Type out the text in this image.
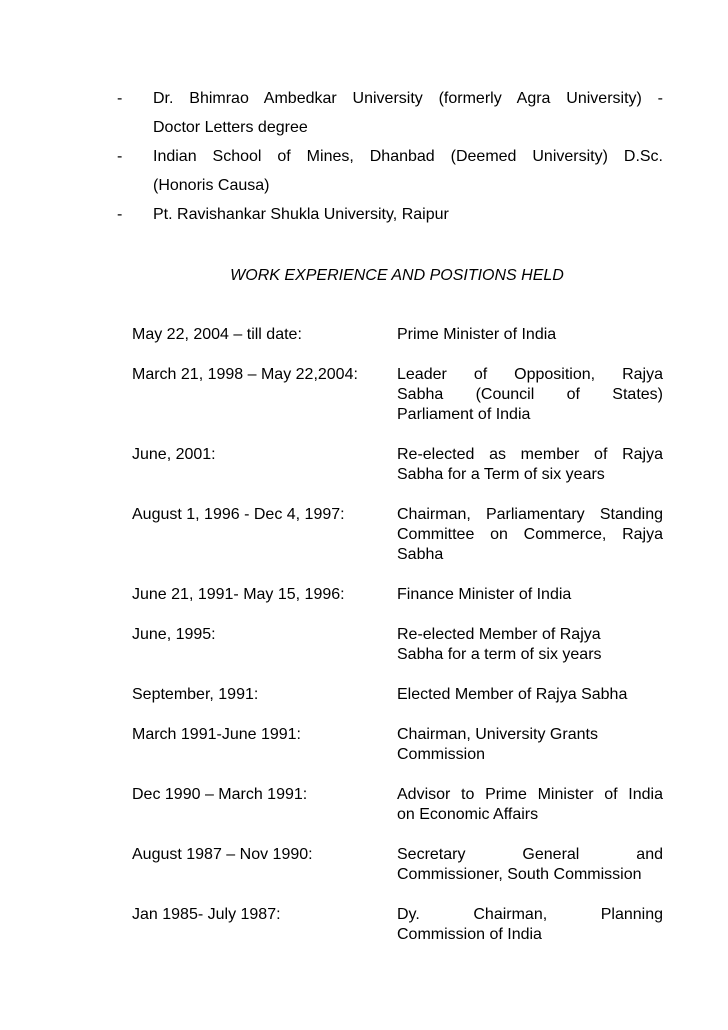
-	Dr. Bhimrao Ambedkar University (formerly Agra University) -
Doctor Letters degree
-	Indian School of Mines, Dhanbad (Deemed University) D.Sc.
(Honoris Causa)
-	Pt. Ravishankar Shukla University, Raipur
WORK EXPERIENCE AND POSITIONS HELD
May 22, 2004 – till date:	Prime Minister of India
March 21, 1998 – May 22,2004:	Leader of Opposition, Rajya
Sabha (Council of States)
Parliament of India
June, 2001:	Re-elected as member of Rajya
Sabha for a Term of six years
August 1, 1996 - Dec 4, 1997:	Chairman, Parliamentary Standing
Committee on Commerce, Rajya
Sabha
June 21, 1991- May 15, 1996:	Finance Minister of India
June, 1995:	Re-elected Member of Rajya
Sabha for a term of six years
September, 1991:	Elected Member of Rajya Sabha
March 1991-June 1991:	Chairman, University Grants
Commission
Dec 1990 – March 1991:	Advisor to Prime Minister of India
on Economic Affairs
August 1987 – Nov 1990:	Secretary General and
Commissioner, South Commission
Jan 1985- July 1987:	Dy. Chairman, Planning
Commission of India
